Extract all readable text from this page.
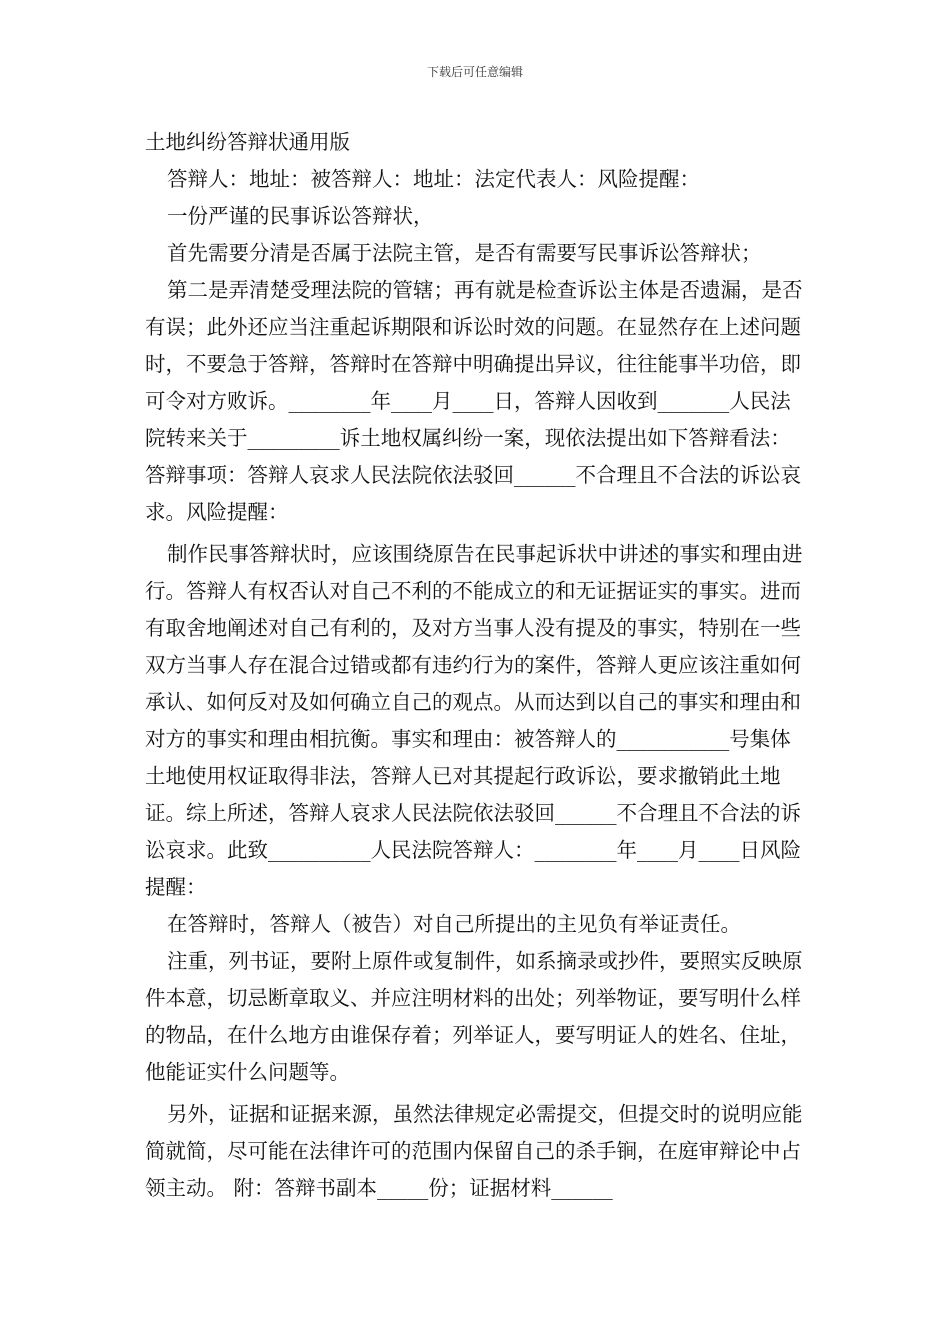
下载后可任意编辑

土地纠纷答辩状通用版

答辩人：地址：被答辩人：地址：法定代表人：风险提醒：

一份严谨的民事诉讼答辩状，

首先需要分清是否属于法院主管，是否有需要写民事诉讼答辩状；

第二是弄清楚受理法院的管辖；再有就是检查诉讼主体是否遗漏，是否有误；此外还应当注重起诉期限和诉讼时效的问题。在显然存在上述问题时，不要急于答辩，答辩时在答辩中明确提出异议，往往能事半功倍，即可令对方败诉。________年____月____日，答辩人因收到_______人民法院转来关于_________诉土地权属纠纷一案，现依法提出如下答辩看法：答辩事项：答辩人哀求人民法院依法驳回______不合理且不合法的诉讼哀求。风险提醒：

制作民事答辩状时，应该围绕原告在民事起诉状中讲述的事实和理由进行。答辩人有权否认对自己不利的不能成立的和无证据证实的事实。进而有取舍地阐述对自己有利的，及对方当事人没有提及的事实，特别在一些双方当事人存在混合过错或都有违约行为的案件，答辩人更应该注重如何承认、如何反对及如何确立自己的观点。从而达到以自己的事实和理由和对方的事实和理由相抗衡。事实和理由：被答辩人的___________号集体土地使用权证取得非法，答辩人已对其提起行政诉讼，要求撤销此土地证。综上所述，答辩人哀求人民法院依法驳回______不合理且不合法的诉讼哀求。此致__________人民法院答辩人：________年____月____日风险提醒：

在答辩时，答辩人（被告）对自己所提出的主见负有举证责任。

注重，列书证，要附上原件或复制件，如系摘录或抄件，要照实反映原件本意，切忌断章取义、并应注明材料的出处；列举物证，要写明什么样的物品，在什么地方由谁保存着；列举证人，要写明证人的姓名、住址，他能证实什么问题等。

另外，证据和证据来源，虽然法律规定必需提交，但提交时的说明应能简就简，尽可能在法律许可的范围内保留自己的杀手锏，在庭审辩论中占领主动。 附：答辩书副本_____份；证据材料______
